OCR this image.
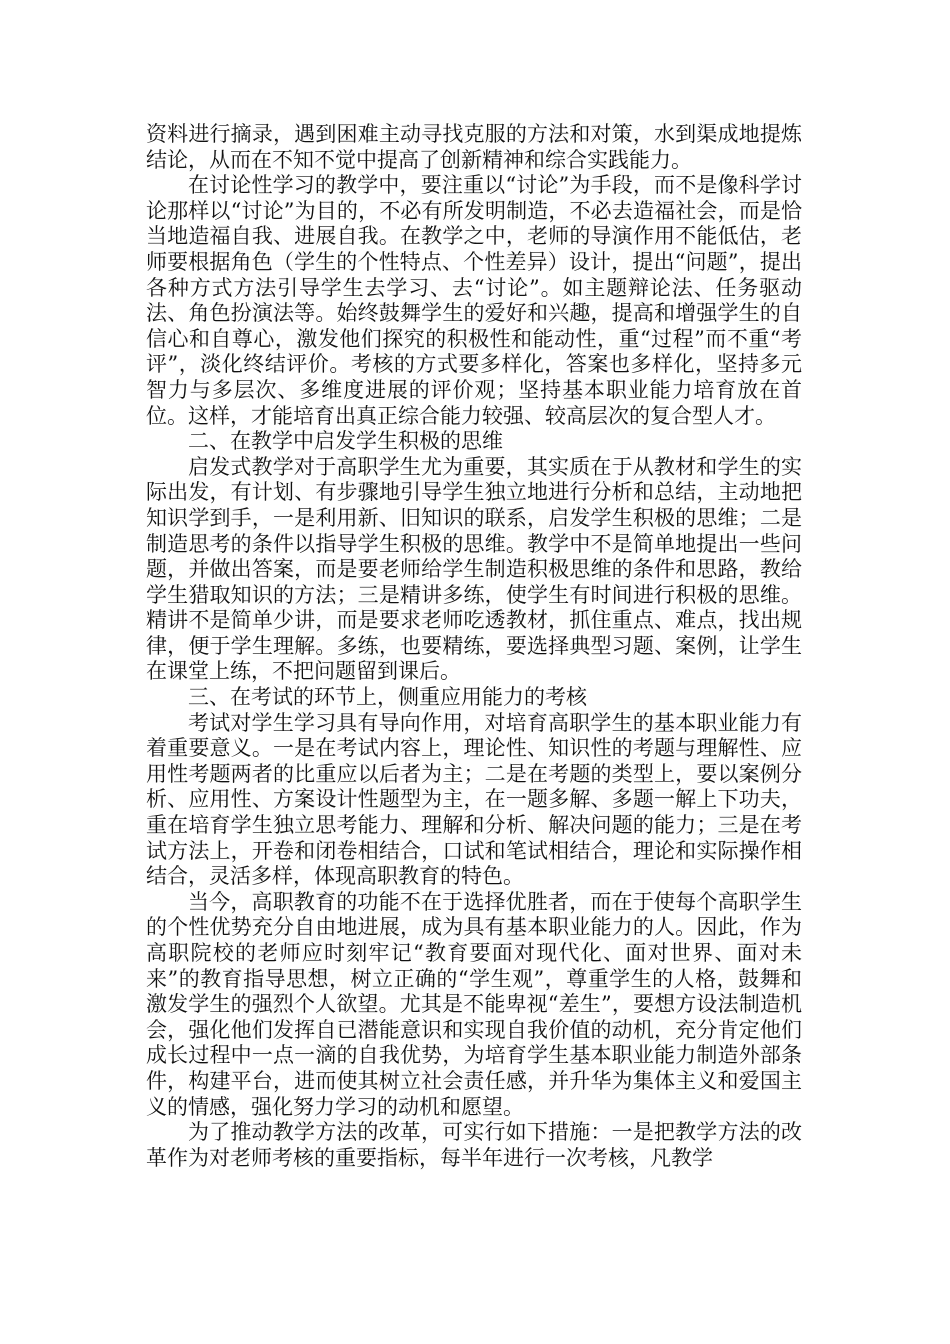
资料进行摘录，遇到困难主动寻找克服的方法和对策，水到渠成地提炼结论，从而在不知不觉中提高了创新精神和综合实践能力。

在讨论性学习的教学中，要注重以“讨论”为手段，而不是像科学讨论那样以“讨论”为目的，不必有所发明制造，不必去造福社会，而是恰当地造福自我、进展自我。在教学之中，老师的导演作用不能低估，老师要根据角色（学生的个性特点、个性差异）设计，提出“问题”，提出各种方式方法引导学生去学习、去“讨论”。如主题辩论法、任务驱动法、角色扮演法等。始终鼓舞学生的爱好和兴趣，提高和增强学生的自信心和自尊心，激发他们探究的积极性和能动性，重“过程”而不重“考评”，淡化终结评价。考核的方式要多样化，答案也多样化，坚持多元智力与多层次、多维度进展的评价观；坚持基本职业能力培育放在首位。这样，才能培育出真正综合能力较强、较高层次的复合型人才。

二、在教学中启发学生积极的思维

启发式教学对于高职学生尤为重要，其实质在于从教材和学生的实际出发，有计划、有步骤地引导学生独立地进行分析和总结，主动地把知识学到手，一是利用新、旧知识的联系，启发学生积极的思维；二是制造思考的条件以指导学生积极的思维。教学中不是简单地提出一些问题，并做出答案，而是要老师给学生制造积极思维的条件和思路，教给学生猎取知识的方法；三是精讲多练，使学生有时间进行积极的思维。精讲不是简单少讲，而是要求老师吃透教材，抓住重点、难点，找出规律，便于学生理解。多练，也要精练，要选择典型习题、案例，让学生在课堂上练，不把问题留到课后。

三、在考试的环节上，侧重应用能力的考核

考试对学生学习具有导向作用，对培育高职学生的基本职业能力有着重要意义。一是在考试内容上，理论性、知识性的考题与理解性、应用性考题两者的比重应以后者为主；二是在考题的类型上，要以案例分析、应用性、方案设计性题型为主，在一题多解、多题一解上下功夫，重在培育学生独立思考能力、理解和分析、解决问题的能力；三是在考试方法上，开卷和闭卷相结合，口试和笔试相结合，理论和实际操作相结合，灵活多样，体现高职教育的特色。

当今，高职教育的功能不在于选择优胜者，而在于使每个高职学生的个性优势充分自由地进展，成为具有基本职业能力的人。因此，作为高职院校的老师应时刻牢记“教育要面对现代化、面对世界、面对未来”的教育指导思想，树立正确的“学生观”，尊重学生的人格，鼓舞和激发学生的强烈个人欲望。尤其是不能卑视“差生”，要想方设法制造机会，强化他们发挥自已潜能意识和实现自我价值的动机，充分肯定他们成长过程中一点一滴的自我优势，为培育学生基本职业能力制造外部条件，构建平台，进而使其树立社会责任感，并升华为集体主义和爱国主义的情感，强化努力学习的动机和愿望。

为了推动教学方法的改革，可实行如下措施：一是把教学方法的改革作为对老师考核的重要指标，每半年进行一次考核，凡教学
